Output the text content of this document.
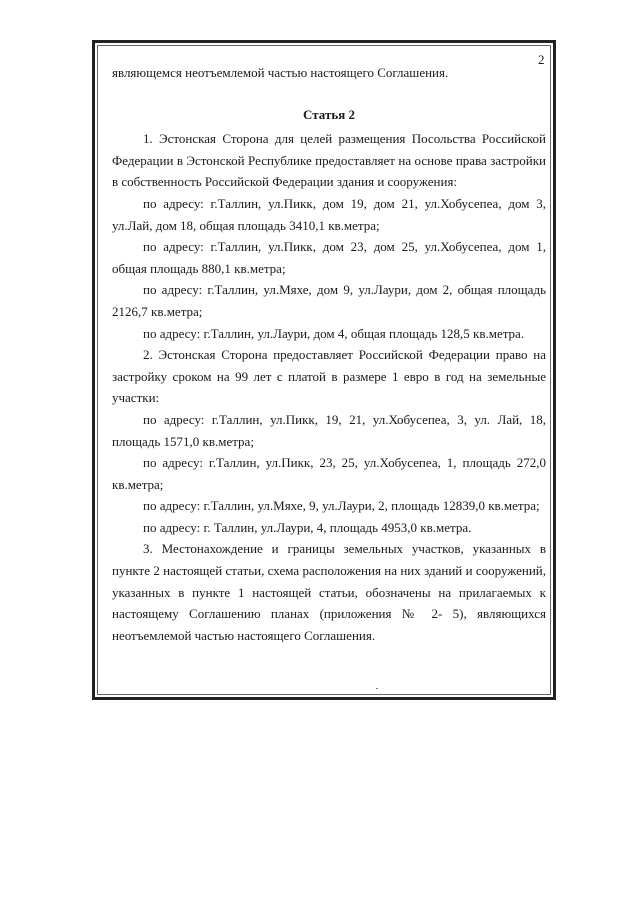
2

являющемся неотъемлемой частью настоящего Соглашения.

Статья 2

1. Эстонская Сторона для целей размещения Посольства Российской Федерации в Эстонской Республике предоставляет на основе права застройки в собственность Российской Федерации здания и сооружения:

по адресу: г.Таллин, ул.Пикк, дом 19, дом 21, ул.Хобусепеа, дом 3, ул.Лай, дом 18, общая площадь 3410,1 кв.метра;

по адресу: г.Таллин, ул.Пикк, дом 23, дом 25, ул.Хобусепеа, дом 1, общая площадь 880,1 кв.метра;

по адресу: г.Таллин, ул.Мяхе, дом 9, ул.Лаури, дом 2, общая площадь 2126,7 кв.метра;

по адресу: г.Таллин, ул.Лаури, дом 4, общая площадь 128,5 кв.метра.

2. Эстонская Сторона предоставляет Российской Федерации право на застройку сроком на 99 лет с платой в размере 1 евро в год на земельные участки:

по адресу: г.Таллин, ул.Пикк, 19, 21, ул.Хобусепеа, 3, ул. Лай, 18, площадь 1571,0 кв.метра;

по адресу: г.Таллин, ул.Пикк, 23, 25, ул.Хобусепеа, 1, площадь 272,0 кв.метра;

по адресу: г.Таллин, ул.Мяхе, 9, ул.Лаури, 2, площадь 12839,0 кв.метра;

по адресу: г. Таллин, ул.Лаури, 4, площадь 4953,0 кв.метра.

3. Местонахождение и границы земельных участков, указанных в пункте 2 настоящей статьи, схема расположения на них зданий и сооружений, указанных в пункте 1 настоящей статьи, обозначены на прилагаемых к настоящему Соглашению планах (приложения № 2- 5), являющихся неотъемлемой частью настоящего Соглашения.
